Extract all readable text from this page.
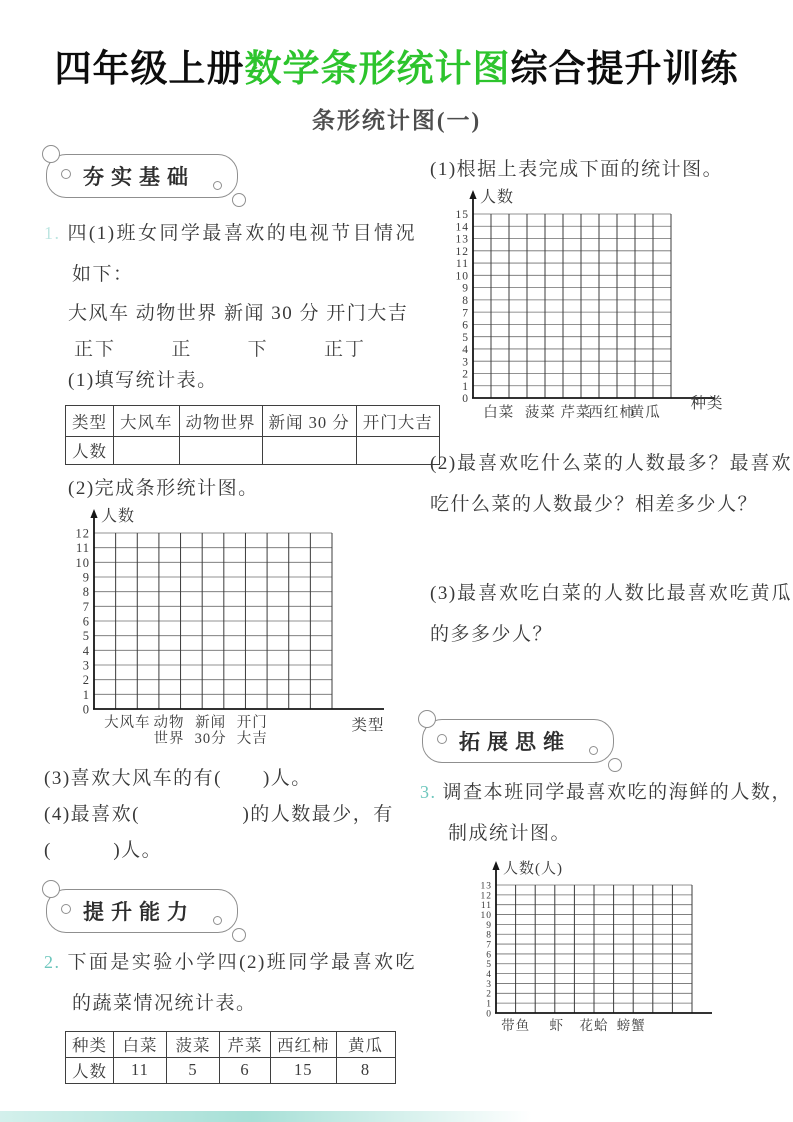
四年级上册数学条形统计图综合提升训练
条形统计图(一)
夯实基础
1. 四(1)班女同学最喜欢的电视节目情况如下：
大风车 动物世界 新闻 30 分 开门大吉
正下	正	下	正丁
(1)填写统计表。
类型	大风车	动物世界	新闻 30 分	开门大吉
人数				
(2)完成条形统计图。
12
11
10
9
8
7
6
5
4
3
2
1
0
人数
大风车 动物
世界
新闻
30分
开门
大吉
类型
(3)喜欢大风车的有(　　)人。
(4)最喜欢(　　　　　)的人数最少，有
(　　　)人。
提升能力
2. 下面是实验小学四(2)班同学最喜欢吃的蔬菜情况统计表。
种类	白菜	菠菜	芹菜	西红柿	黄瓜
人数	11	5	6	15	8
(1)根据上表完成下面的统计图。
15
14
13
12
11
10
9
8
7
6
5
4
3
2
1
0
人数
白菜 菠菜 芹菜
西红柿
黄瓜
种类
(2)最喜欢吃什么菜的人数最多？最喜欢吃什么菜的人数最少？相差多少人？
(3)最喜欢吃白菜的人数比最喜欢吃黄瓜的多多少人？
拓展思维
3. 调查本班同学最喜欢吃的海鲜的人数，制成统计图。
13
12
11
10
9
8
7
6
5
4
3
2
1
0
人数(人)
带鱼 虾 花蛤 螃蟹
